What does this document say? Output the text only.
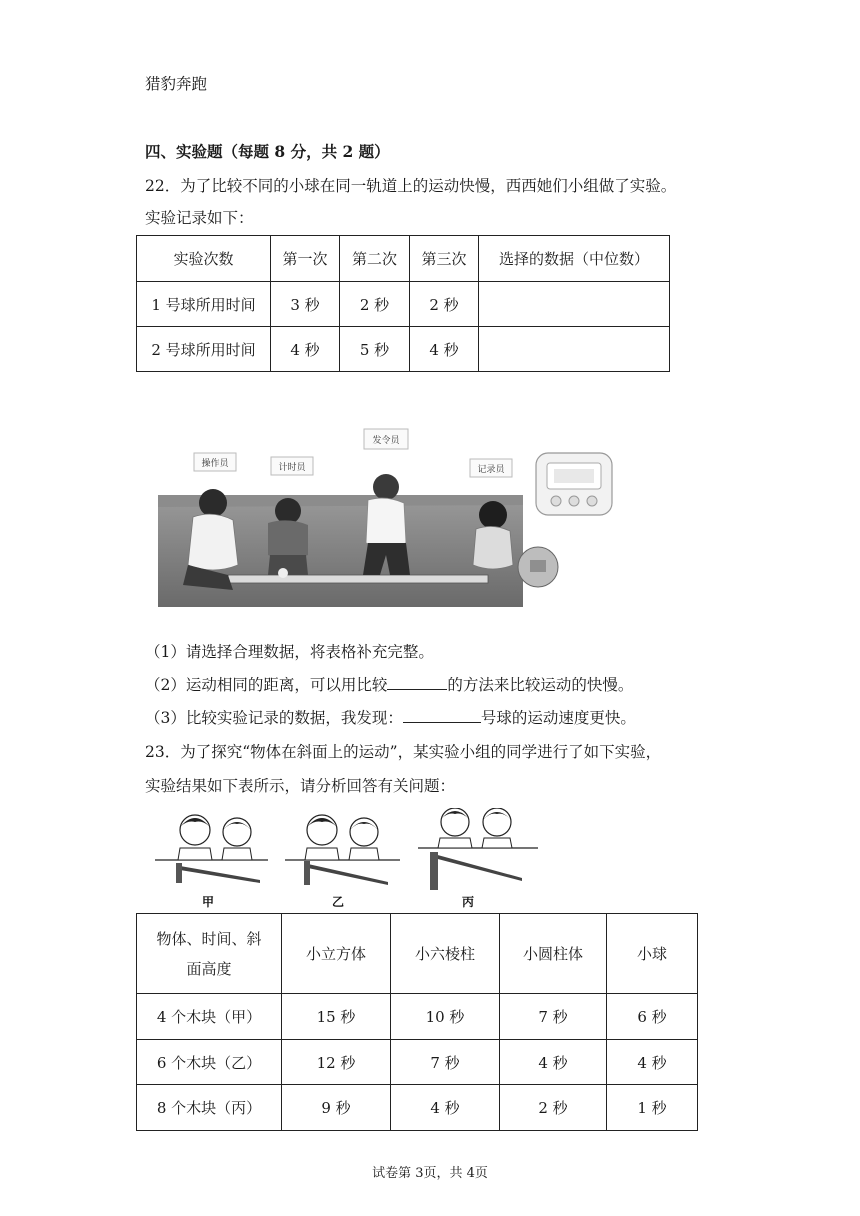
猎豹奔跑
四、实验题（每题 8 分，共 2 题）
22．为了比较不同的小球在同一轨道上的运动快慢，西西她们小组做了实验。
实验记录如下：
实验次数	第一次	第二次	第三次	选择的数据（中位数）
1 号球所用时间	3 秒	2 秒	2 秒	
2 号球所用时间	4 秒	5 秒	4 秒	
操作员	计时员
发令员
记录员
（1）请选择合理数据，将表格补充完整。
（2）运动相同的距离，可以用比较	的方法来比较运动的快慢。
（3）比较实验记录的数据，我发现：	号球的运动速度更快。
23．为了探究“物体在斜面上的运动”，某实验小组的同学进行了如下实验，
实验结果如下表所示，请分析回答有关问题：
甲	乙	丙
物体、时间、斜
面高度	小立方体	小六棱柱	小圆柱体	小球
4 个木块（甲）	15 秒	10 秒	7 秒	6 秒
6 个木块（乙）	12 秒	7 秒	4 秒	4 秒
8 个木块（丙）	9 秒	4 秒	2 秒	1 秒
试卷第 3页，共 4页
